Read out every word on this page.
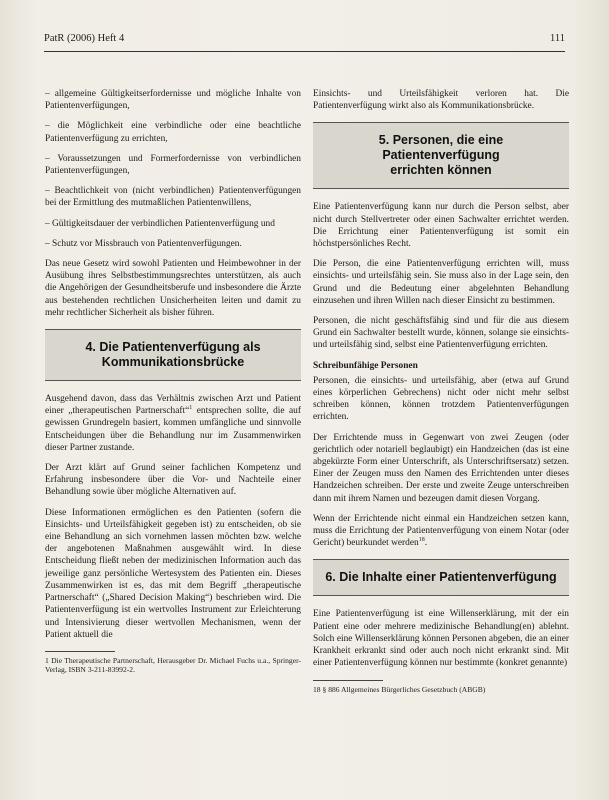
PatR (2006) Heft 4	111

– allgemeine Gültigkeitserfordernisse und mögliche Inhalte von Patientenverfügungen,

– die Möglichkeit eine verbindliche oder eine beachtliche Patientenverfügung zu errichten,

– Voraussetzungen und Formerfordernisse von verbindlichen Patientenverfügungen,

– Beachtlichkeit von (nicht verbindlichen) Patientenverfügungen bei der Ermittlung des mutmaßlichen Patientenwillens,

– Gültigkeitsdauer der verbindlichen Patientenverfügung und

– Schutz vor Missbrauch von Patientenverfügungen.

Das neue Gesetz wird sowohl Patienten und Heimbewohner in der Ausübung ihres Selbstbestimmungsrechtes unterstützen, als auch die Angehörigen der Gesundheitsberufe und insbesondere die Ärzte aus bestehenden rechtlichen Unsicherheiten leiten und damit zu mehr rechtlicher Sicherheit als bisher führen.

4. Die Patientenverfügung als
Kommunikationsbrücke

Ausgehend davon, dass das Verhältnis zwischen Arzt und Patient einer „therapeutischen Partnerschaft“$^1$ entsprechen sollte, die auf gewissen Grundregeln basiert, kommen umfängliche und sinnvolle Entscheidungen über die Behandlung nur im Zusammenwirken dieser Partner zustande.

Der Arzt klärt auf Grund seiner fachlichen Kompetenz und Erfahrung insbesondere über die Vor- und Nachteile einer Behandlung sowie über mögliche Alternativen auf.

Diese Informationen ermöglichen es den Patienten (sofern die Einsichts- und Urteilsfähigkeit gegeben ist) zu entscheiden, ob sie eine Behandlung an sich vornehmen lassen möchten bzw. welche der angebotenen Maßnahmen ausgewählt wird. In diese Entscheidung fließt neben der medizinischen Information auch das jeweilige ganz persönliche Wertesystem des Patienten ein. Dieses Zusammenwirken ist es, das mit dem Begriff „therapeutische Partnerschaft“ („Shared Decision Making“) beschrieben wird. Die Patientenverfügung ist ein wertvolles Instrument zur Erleichterung und Intensivierung dieser wertvollen Mechanismen, wenn der Patient aktuell die

1 Die Therapeutische Partnerschaft, Herausgeber Dr. Michael Fuchs u.a., Springer-Verlag, ISBN 3-211-83992-2.

Einsichts- und Urteilsfähigkeit verloren hat. Die Patientenverfügung wirkt also als Kommunikationsbrücke.

5. Personen, die eine Patientenverfügung
errichten können

Eine Patientenverfügung kann nur durch die Person selbst, aber nicht durch Stellvertreter oder einen Sachwalter errichtet werden. Die Errichtung einer Patientenverfügung ist somit ein höchstpersönliches Recht.

Die Person, die eine Patientenverfügung errichten will, muss einsichts- und urteilsfähig sein. Sie muss also in der Lage sein, den Grund und die Bedeutung einer abgelehnten Behandlung einzusehen und ihren Willen nach dieser Einsicht zu bestimmen.

Personen, die nicht geschäftsfähig sind und für die aus diesem Grund ein Sachwalter bestellt wurde, können, solange sie einsichts- und urteilsfähig sind, selbst eine Patientenverfügung errichten.

Schreibunfähige Personen

Personen, die einsichts- und urteilsfähig, aber (etwa auf Grund eines körperlichen Gebrechens) nicht oder nicht mehr selbst schreiben können, können trotzdem Patientenverfügungen errichten.

Der Errichtende muss in Gegenwart von zwei Zeugen (oder gerichtlich oder notariell beglaubigt) ein Handzeichen (das ist eine abgekürzte Form einer Unterschrift, als Unterschriftsersatz) setzen. Einer der Zeugen muss den Namen des Errichtenden unter dieses Handzeichen schreiben. Der erste und zweite Zeuge unterschreiben dann mit ihrem Namen und bezeugen damit diesen Vorgang.

Wenn der Errichtende nicht einmal ein Handzeichen setzen kann, muss die Errichtung der Patientenverfügung von einem Notar (oder Gericht) beurkundet werden$^{18}$.

6. Die Inhalte einer Patientenverfügung

Eine Patientenverfügung ist eine Willenserklärung, mit der ein Patient eine oder mehrere medizinische Behandlung(en) ablehnt. Solch eine Willenserklärung können Personen abgeben, die an einer Krankheit erkrankt sind oder auch noch nicht erkrankt sind. Mit einer Patientenverfügung können nur bestimmte (konkret genannte)

18 § 886 Allgemeines Bürgerliches Gesetzbuch (ABGB)
